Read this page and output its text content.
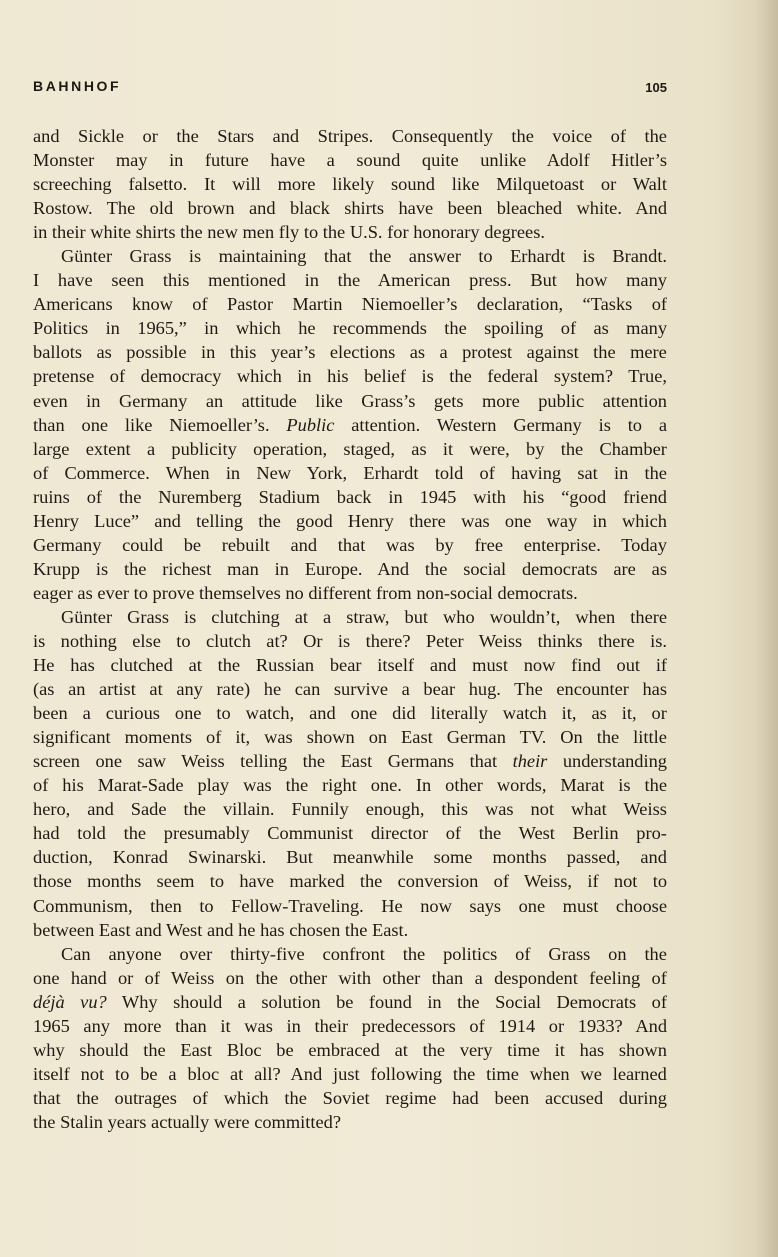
BAHNHOF	105

and Sickle or the Stars and Stripes. Consequently the voice of the
Monster may in future have a sound quite unlike Adolf Hitler’s
screeching falsetto. It will more likely sound like Milquetoast or Walt
Rostow. The old brown and black shirts have been bleached white. And
in their white shirts the new men fly to the U.S. for honorary degrees.

Günter Grass is maintaining that the answer to Erhardt is Brandt.
I have seen this mentioned in the American press. But how many
Americans know of Pastor Martin Niemoeller’s declaration, “Tasks of
Politics in 1965,” in which he recommends the spoiling of as many
ballots as possible in this year’s elections as a protest against the mere
pretense of democracy which in his belief is the federal system? True,
even in Germany an attitude like Grass’s gets more public attention
than one like Niemoeller’s. Public attention. Western Germany is to a
large extent a publicity operation, staged, as it were, by the Chamber
of Commerce. When in New York, Erhardt told of having sat in the
ruins of the Nuremberg Stadium back in 1945 with his “good friend
Henry Luce” and telling the good Henry there was one way in which
Germany could be rebuilt and that was by free enterprise. Today
Krupp is the richest man in Europe. And the social democrats are as
eager as ever to prove themselves no different from non-social democrats.

Günter Grass is clutching at a straw, but who wouldn’t, when there
is nothing else to clutch at? Or is there? Peter Weiss thinks there is.
He has clutched at the Russian bear itself and must now find out if
(as an artist at any rate) he can survive a bear hug. The encounter has
been a curious one to watch, and one did literally watch it, as it, or
significant moments of it, was shown on East German TV. On the little
screen one saw Weiss telling the East Germans that their understanding
of his Marat-Sade play was the right one. In other words, Marat is the
hero, and Sade the villain. Funnily enough, this was not what Weiss
had told the presumably Communist director of the West Berlin pro-
duction, Konrad Swinarski. But meanwhile some months passed, and
those months seem to have marked the conversion of Weiss, if not to
Communism, then to Fellow-Traveling. He now says one must choose
between East and West and he has chosen the East.

Can anyone over thirty-five confront the politics of Grass on the
one hand or of Weiss on the other with other than a despondent feeling of
déjà vu? Why should a solution be found in the Social Democrats of
1965 any more than it was in their predecessors of 1914 or 1933? And
why should the East Bloc be embraced at the very time it has shown
itself not to be a bloc at all? And just following the time when we learned
that the outrages of which the Soviet regime had been accused during
the Stalin years actually were committed?
